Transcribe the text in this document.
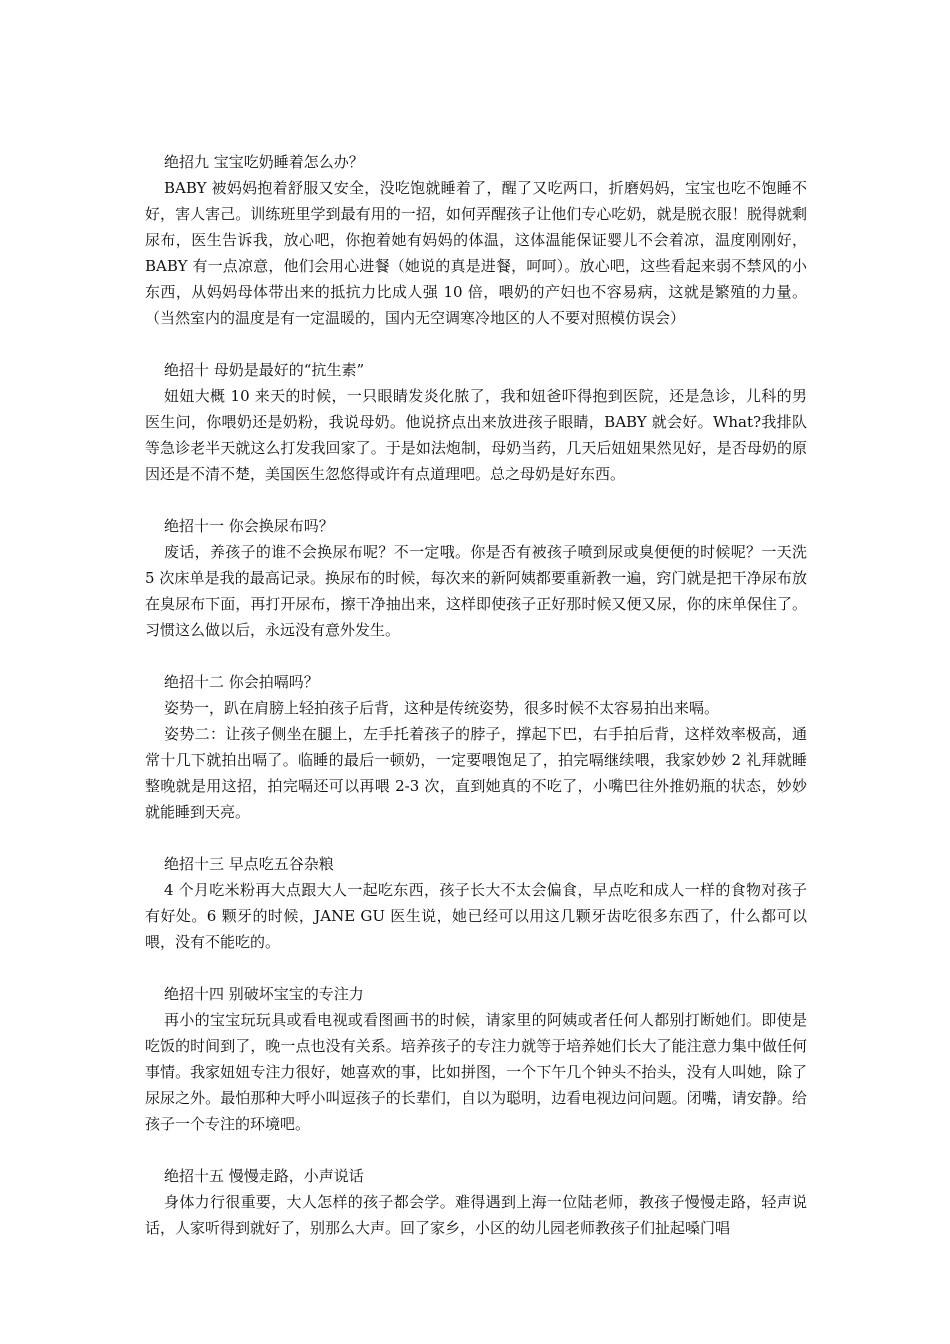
绝招九 宝宝吃奶睡着怎么办？

BABY 被妈妈抱着舒服又安全，没吃饱就睡着了，醒了又吃两口，折磨妈妈，宝宝也吃不饱睡不好，害人害己。训练班里学到最有用的一招，如何弄醒孩子让他们专心吃奶，就是脱衣服！脱得就剩尿布，医生告诉我，放心吧，你抱着她有妈妈的体温，这体温能保证婴儿不会着凉，温度刚刚好，BABY 有一点凉意，他们会用心进餐（她说的真是进餐，呵呵）。放心吧，这些看起来弱不禁风的小东西，从妈妈母体带出来的抵抗力比成人强 10 倍，喂奶的产妇也不容易病，这就是繁殖的力量。（当然室内的温度是有一定温暖的，国内无空调寒冷地区的人不要对照模仿误会）

绝招十 母奶是最好的“抗生素”

妞妞大概 10 来天的时候，一只眼睛发炎化脓了，我和妞爸吓得抱到医院，还是急诊，儿科的男医生问，你喂奶还是奶粉，我说母奶。他说挤点出来放进孩子眼睛，BABY 就会好。What?我排队等急诊老半天就这么打发我回家了。于是如法炮制，母奶当药，几天后妞妞果然见好，是否母奶的原因还是不清不楚，美国医生忽悠得或许有点道理吧。总之母奶是好东西。

绝招十一 你会换尿布吗？

废话，养孩子的谁不会换尿布呢？不一定哦。你是否有被孩子喷到尿或臭便便的时候呢？一天洗 5 次床单是我的最高记录。换尿布的时候，每次来的新阿姨都要重新教一遍，窍门就是把干净尿布放在臭尿布下面，再打开尿布，擦干净抽出来，这样即使孩子正好那时候又便又尿，你的床单保住了。习惯这么做以后，永远没有意外发生。

绝招十二 你会拍嗝吗？

姿势一，趴在肩膀上轻拍孩子后背，这种是传统姿势，很多时候不太容易拍出来嗝。

姿势二：让孩子侧坐在腿上，左手托着孩子的脖子，撑起下巴，右手拍后背，这样效率极高，通常十几下就拍出嗝了。临睡的最后一顿奶，一定要喂饱足了，拍完嗝继续喂，我家妙妙 2 礼拜就睡整晚就是用这招，拍完嗝还可以再喂 2-3 次，直到她真的不吃了，小嘴巴往外推奶瓶的状态，妙妙就能睡到天亮。

绝招十三 早点吃五谷杂粮

4 个月吃米粉再大点跟大人一起吃东西，孩子长大不太会偏食，早点吃和成人一样的食物对孩子有好处。6 颗牙的时候，JANE GU 医生说，她已经可以用这几颗牙齿吃很多东西了，什么都可以喂，没有不能吃的。

绝招十四 别破坏宝宝的专注力

再小的宝宝玩玩具或看电视或看图画书的时候，请家里的阿姨或者任何人都别打断她们。即使是吃饭的时间到了，晚一点也没有关系。培养孩子的专注力就等于培养她们长大了能注意力集中做任何事情。我家妞妞专注力很好，她喜欢的事，比如拼图，一个下午几个钟头不抬头，没有人叫她，除了尿尿之外。最怕那种大呼小叫逗孩子的长辈们，自以为聪明，边看电视边问问题。闭嘴，请安静。给孩子一个专注的环境吧。

绝招十五 慢慢走路，小声说话

身体力行很重要，大人怎样的孩子都会学。难得遇到上海一位陆老师，教孩子慢慢走路，轻声说话，人家听得到就好了，别那么大声。回了家乡，小区的幼儿园老师教孩子们扯起嗓门唱
